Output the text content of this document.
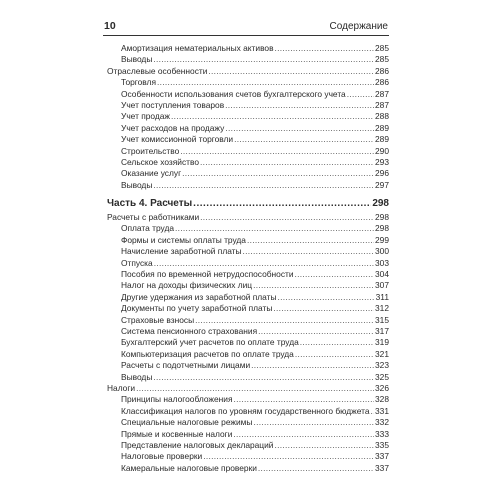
10	Содержание
Амортизация нематериальных активов .....	285
Выводы .....	285
Отраслевые особенности .....	286
Торговля .....	286
Особенности использования счетов бухгалтерского учета .....	287
Учет поступления товаров .....	287
Учет продаж .....	288
Учет расходов на продажу .....	289
Учет комиссионной торговли .....	289
Строительство .....	290
Сельское хозяйство .....	293
Оказание услуг .....	296
Выводы .....	297
Часть 4. Расчеты .....	298
Расчеты с работниками .....	298
Оплата труда .....	298
Формы и системы оплаты труда .....	299
Начисление заработной платы .....	300
Отпуска .....	303
Пособия по временной нетрудоспособности .....	304
Налог на доходы физических лиц .....	307
Другие удержания из заработной платы .....	311
Документы по учету заработной платы .....	312
Страховые взносы .....	315
Система пенсионного страхования .....	317
Бухгалтерский учет расчетов по оплате труда .....	319
Компьютеризация расчетов по оплате труда .....	321
Расчеты с подотчетными лицами .....	323
Выводы .....	325
Налоги .....	326
Принципы налогообложения .....	328
Классификация налогов по уровням государственного бюджета ..... 331
Специальные налоговые режимы .....	332
Прямые и косвенные налоги .....	333
Представление налоговых деклараций .....	335
Налоговые проверки .....	337
Камеральные налоговые проверки .....	337
